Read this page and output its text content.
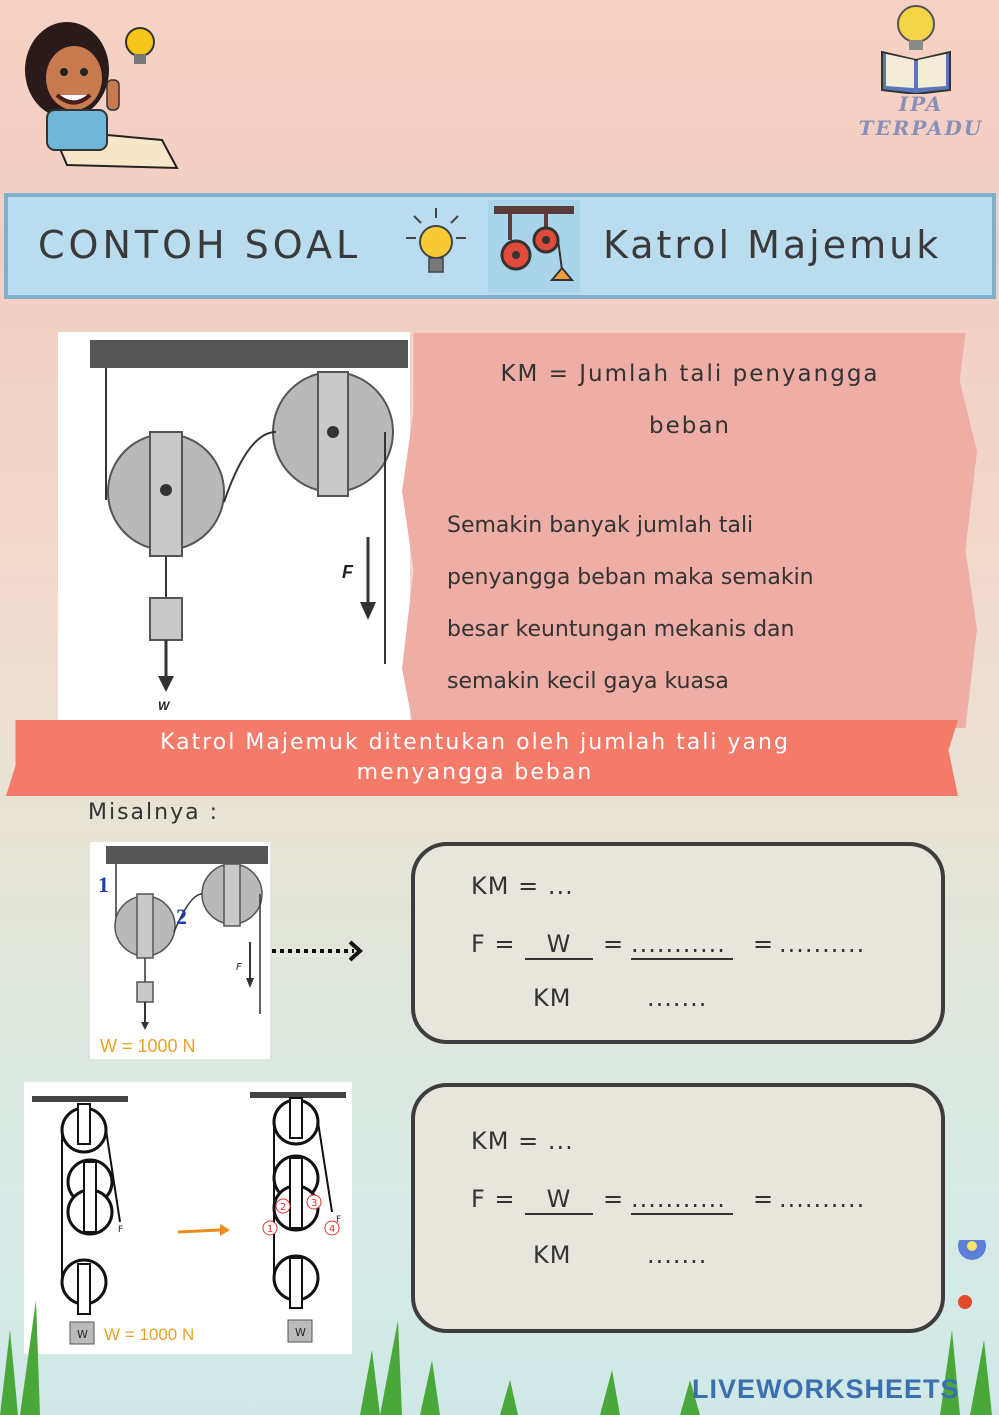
IPA
TERPADU
CONTOH SOAL	Katrol Majemuk
F
W
KM = Jumlah tali penyangga beban
Semakin banyak jumlah tali
penyangga beban maka semakin
besar keuntungan mekanis dan
semakin kecil gaya kuasa
Katrol Majemuk ditentukan oleh jumlah tali yang
menyangga beban
Misalnya :
1
2
F
W = 1000 N
KM = ...
F =	W	= ........... = ..........
KM	.......
W W = 1000 N
F
W
1
2 3
4
F
KM = ...
F =	W	= ........... = ..........
KM	.......
LIVEWORKSHEETS
